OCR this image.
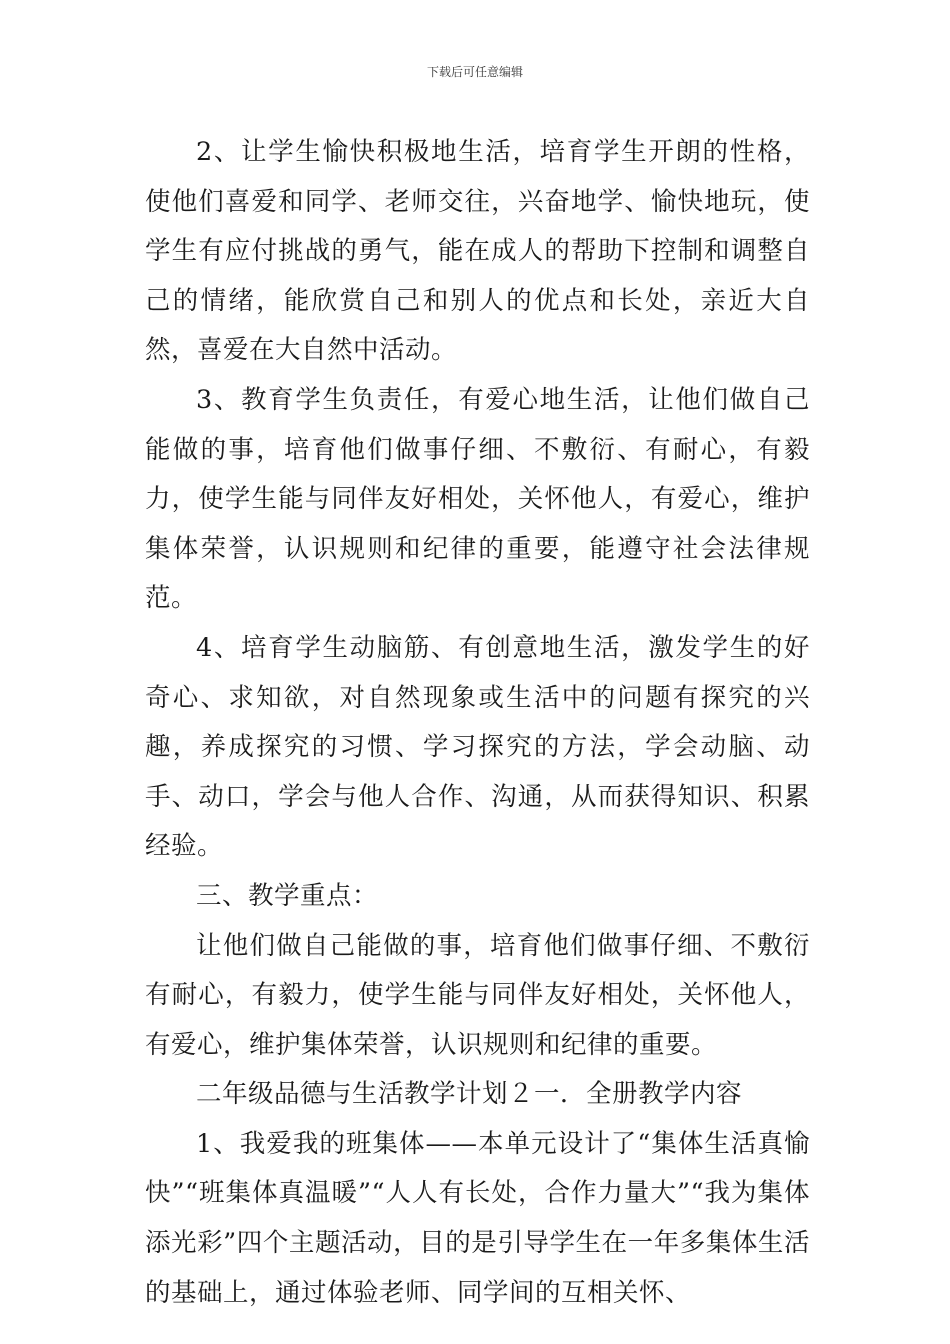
下载后可任意编辑

2、让学生愉快积极地生活，培育学生开朗的性格，使他们喜爱和同学、老师交往，兴奋地学、愉快地玩，使学生有应付挑战的勇气，能在成人的帮助下控制和调整自己的情绪，能欣赏自己和别人的优点和长处，亲近大自然，喜爱在大自然中活动。

3、教育学生负责任，有爱心地生活，让他们做自己能做的事，培育他们做事仔细、不敷衍、有耐心，有毅力，使学生能与同伴友好相处，关怀他人，有爱心，维护集体荣誉，认识规则和纪律的重要，能遵守社会法律规范。

4、培育学生动脑筋、有创意地生活，激发学生的好奇心、求知欲，对自然现象或生活中的问题有探究的兴趣，养成探究的习惯、学习探究的方法，学会动脑、动手、动口，学会与他人合作、沟通，从而获得知识、积累经验。

三、教学重点：

让他们做自己能做的事，培育他们做事仔细、不敷衍有耐心，有毅力，使学生能与同伴友好相处，关怀他人，有爱心，维护集体荣誉，认识规则和纪律的重要。

二年级品德与生活教学计划２一．全册教学内容

1、我爱我的班集体——本单元设计了“集体生活真愉快”“班集体真温暖”“人人有长处，合作力量大”“我为集体添光彩”四个主题活动，目的是引导学生在一年多集体生活的基础上，通过体验老师、同学间的互相关怀、
